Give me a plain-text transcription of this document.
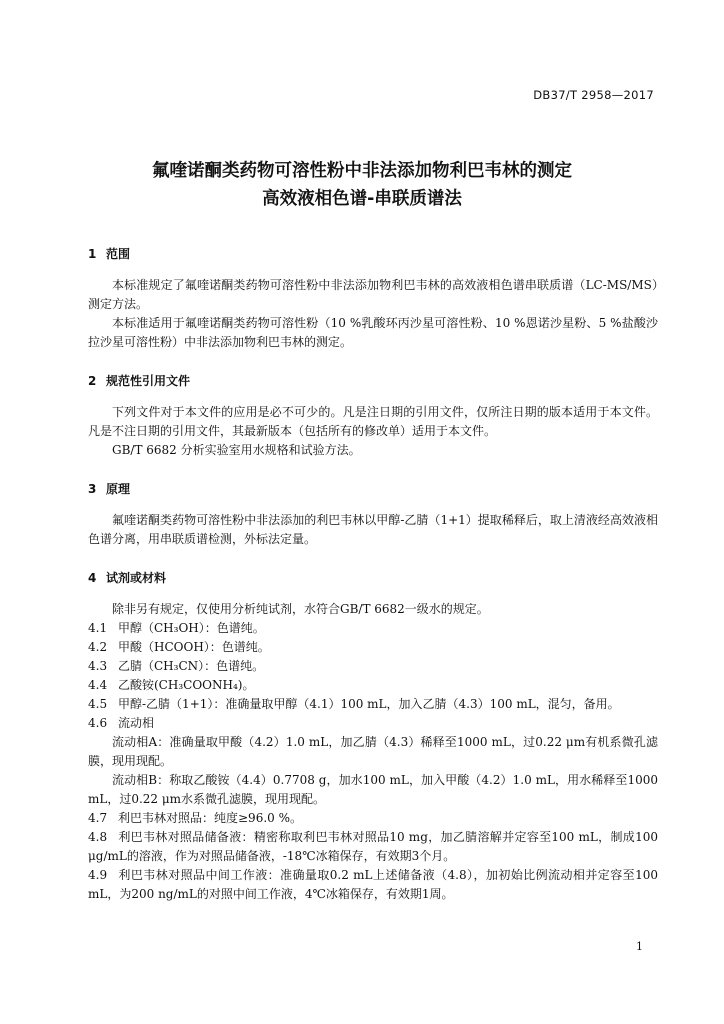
DB37/T 2958—2017
氟喹诺酮类药物可溶性粉中非法添加物利巴韦林的测定
高效液相色谱-串联质谱法
1 范围

本标准规定了氟喹诺酮类药物可溶性粉中非法添加物利巴韦林的高效液相色谱串联质谱（LC-MS/MS）测定方法。

本标准适用于氟喹诺酮类药物可溶性粉（10 %乳酸环丙沙星可溶性粉、10 %恩诺沙星粉、5 %盐酸沙拉沙星可溶性粉）中非法添加物利巴韦林的测定。

2 规范性引用文件

下列文件对于本文件的应用是必不可少的。凡是注日期的引用文件，仅所注日期的版本适用于本文件。凡是不注日期的引用文件，其最新版本（包括所有的修改单）适用于本文件。

GB/T 6682 分析实验室用水规格和试验方法。

3 原理

氟喹诺酮类药物可溶性粉中非法添加的利巴韦林以甲醇-乙腈（1+1）提取稀释后，取上清液经高效液相色谱分离，用串联质谱检测，外标法定量。

4 试剂或材料

除非另有规定，仅使用分析纯试剂，水符合GB/T 6682一级水的规定。

4.1 甲醇（CH₃OH）：色谱纯。

4.2 甲酸（HCOOH）：色谱纯。

4.3 乙腈（CH₃CN）：色谱纯。

4.4 乙酸铵(CH₃COONH₄)。

4.5 甲醇-乙腈（1+1）：准确量取甲醇（4.1）100 mL，加入乙腈（4.3）100 mL，混匀，备用。

4.6 流动相

流动相A：准确量取甲酸（4.2）1.0 mL，加乙腈（4.3）稀释至1000 mL，过0.22 μm有机系微孔滤膜，现用现配。

流动相B：称取乙酸铵（4.4）0.7708 g，加水100 mL，加入甲酸（4.2）1.0 mL，用水稀释至1000 mL，过0.22 μm水系微孔滤膜，现用现配。

4.7 利巴韦林对照品：纯度≥96.0 %。

4.8 利巴韦林对照品储备液：精密称取利巴韦林对照品10 mg，加乙腈溶解并定容至100 mL，制成100 μg/mL的溶液，作为对照品储备液，-18℃冰箱保存，有效期3个月。

4.9 利巴韦林对照品中间工作液：准确量取0.2 mL上述储备液（4.8），加初始比例流动相并定容至100 mL，为200 ng/mL的对照中间工作液，4℃冰箱保存，有效期1周。

1
